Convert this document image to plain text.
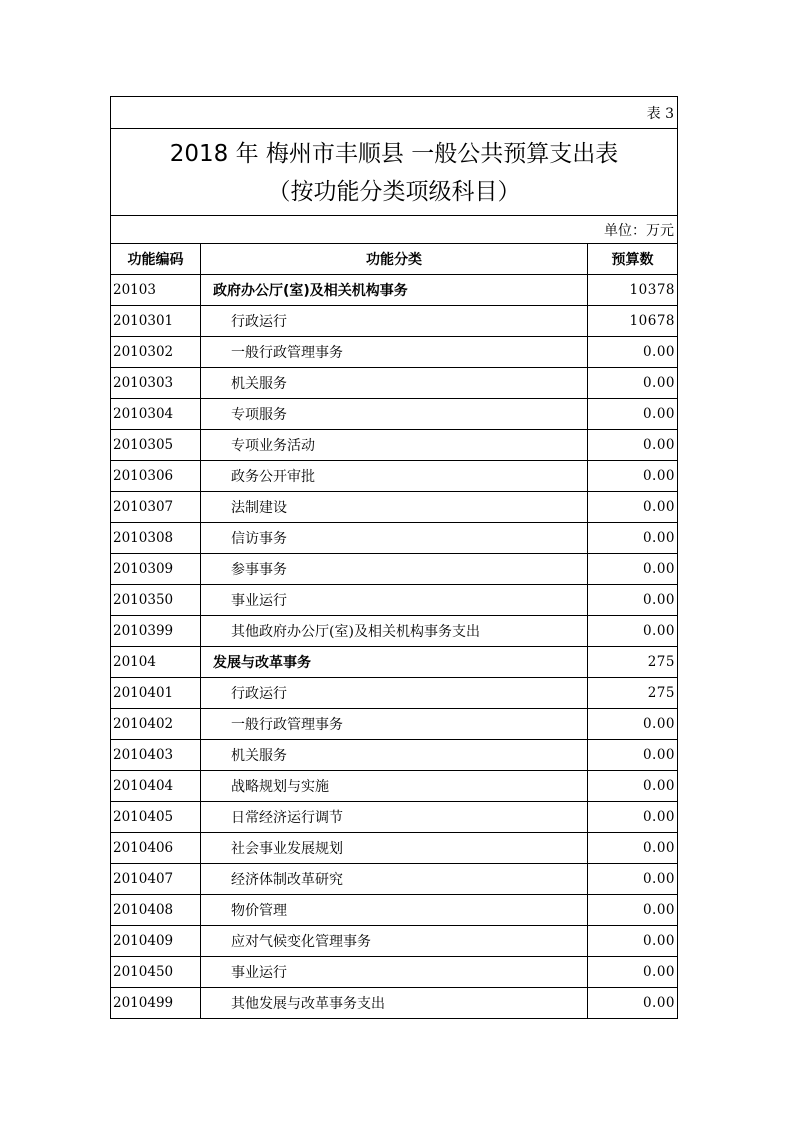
表 3		

2018 年 梅州市丰顺县 一般公共预算支出表
（按功能分类项级科目）		

单位：万元		
功能编码	功能分类	预算数
20103	政府办公厅(室)及相关机构事务	10378
2010301	行政运行	10678
2010302	一般行政管理事务	0.00
2010303	机关服务	0.00
2010304	专项服务	0.00
2010305	专项业务活动	0.00
2010306	政务公开审批	0.00
2010307	法制建设	0.00
2010308	信访事务	0.00
2010309	参事事务	0.00
2010350	事业运行	0.00
2010399	其他政府办公厅(室)及相关机构事务支出	0.00
20104	发展与改革事务	275
2010401	行政运行	275
2010402	一般行政管理事务	0.00
2010403	机关服务	0.00
2010404	战略规划与实施	0.00
2010405	日常经济运行调节	0.00
2010406	社会事业发展规划	0.00
2010407	经济体制改革研究	0.00
2010408	物价管理	0.00
2010409	应对气候变化管理事务	0.00
2010450	事业运行	0.00
2010499	其他发展与改革事务支出	0.00
